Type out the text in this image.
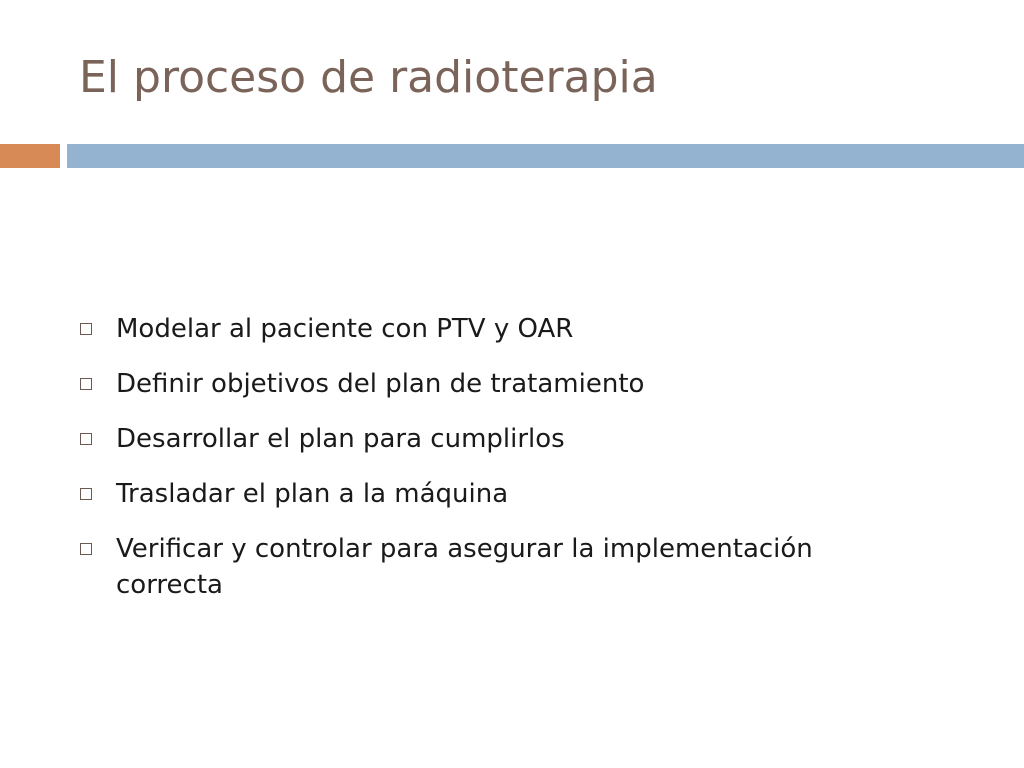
El proceso de radioterapia
Modelar al paciente con PTV y OAR
Definir objetivos del plan de tratamiento
Desarrollar el plan para cumplirlos
Trasladar el plan a la máquina
Verificar y controlar para asegurar la implementación correcta
